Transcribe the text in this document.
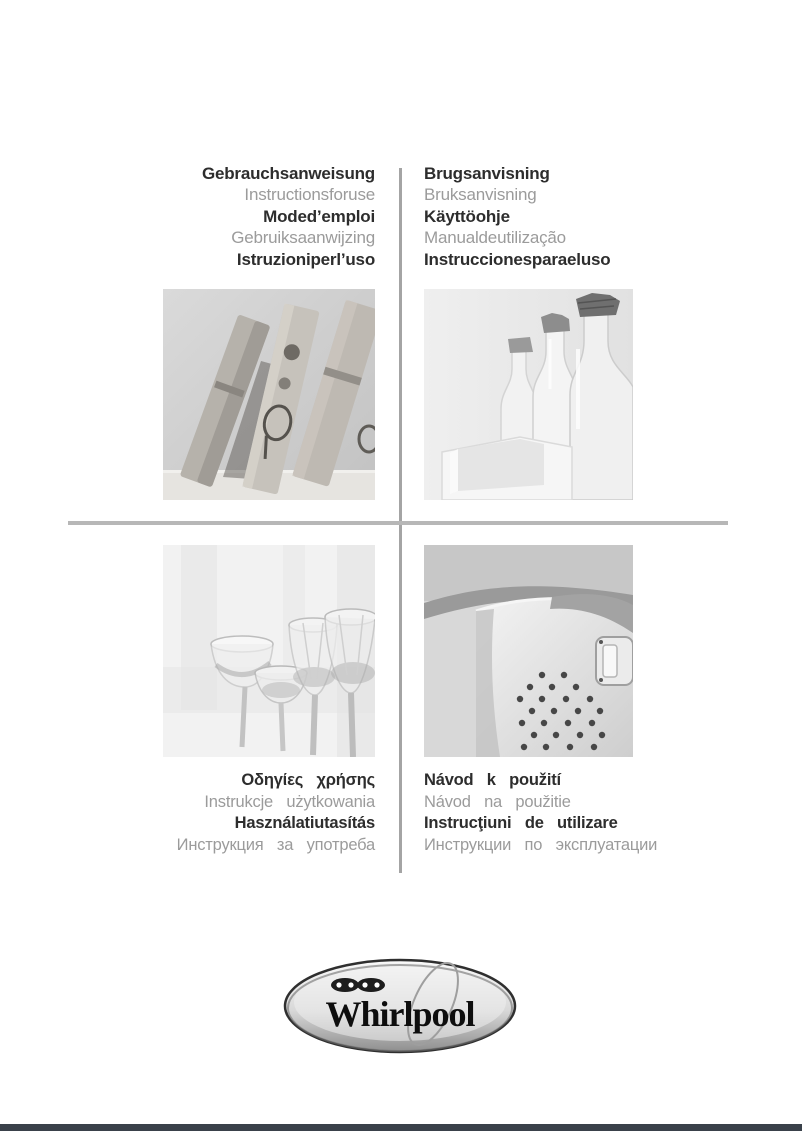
Gebrauchsanweisung
Instructionsforuse
Moded’emploi
Gebruiksaanwijzing
Istruzioniperl’uso
Brugsanvisning
Bruksanvisning
Käyttöohje
Manualdeutilização
Instruccionesparaeluso
Οδηγίες χρήσης
Instrukcje użytkowania
Használatiutasítás
Инструкция за употреба
Návod k použití
Návod na použitie
Instrucţiuni de utilizare
Инструкции по эксплуатации
Whirlpool
